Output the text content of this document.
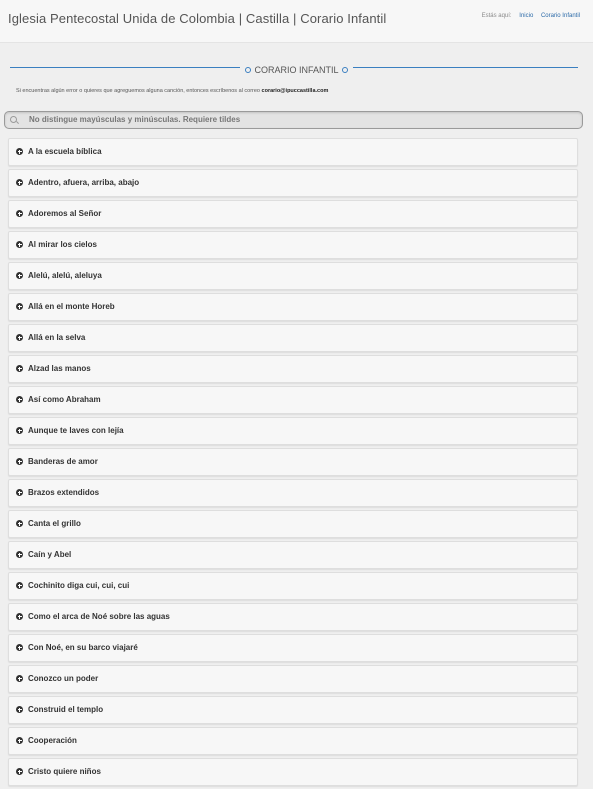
Iglesia Pentecostal Unida de Colombia | Castilla | Corario Infantil	Estás aquí: Inicio Corario Infantil
CORARIO INFANTIL
Si encuentras algún error o quieres que agreguemos alguna canción, entonces escríbenos al correo corario@ipuccastilla.com
No distingue mayúsculas y minúsculas. Requiere tildes
A la escuela bíblica
Adentro, afuera, arriba, abajo
Adoremos al Señor
Al mirar los cielos
Alelú, alelú, aleluya
Allá en el monte Horeb
Allá en la selva
Alzad las manos
Así como Abraham
Aunque te laves con lejía
Banderas de amor
Brazos extendidos
Canta el grillo
Caín y Abel
Cochinito diga cui, cui, cui
Como el arca de Noé sobre las aguas
Con Noé, en su barco viajaré
Conozco un poder
Construid el templo
Cooperación
Cristo quiere niños
